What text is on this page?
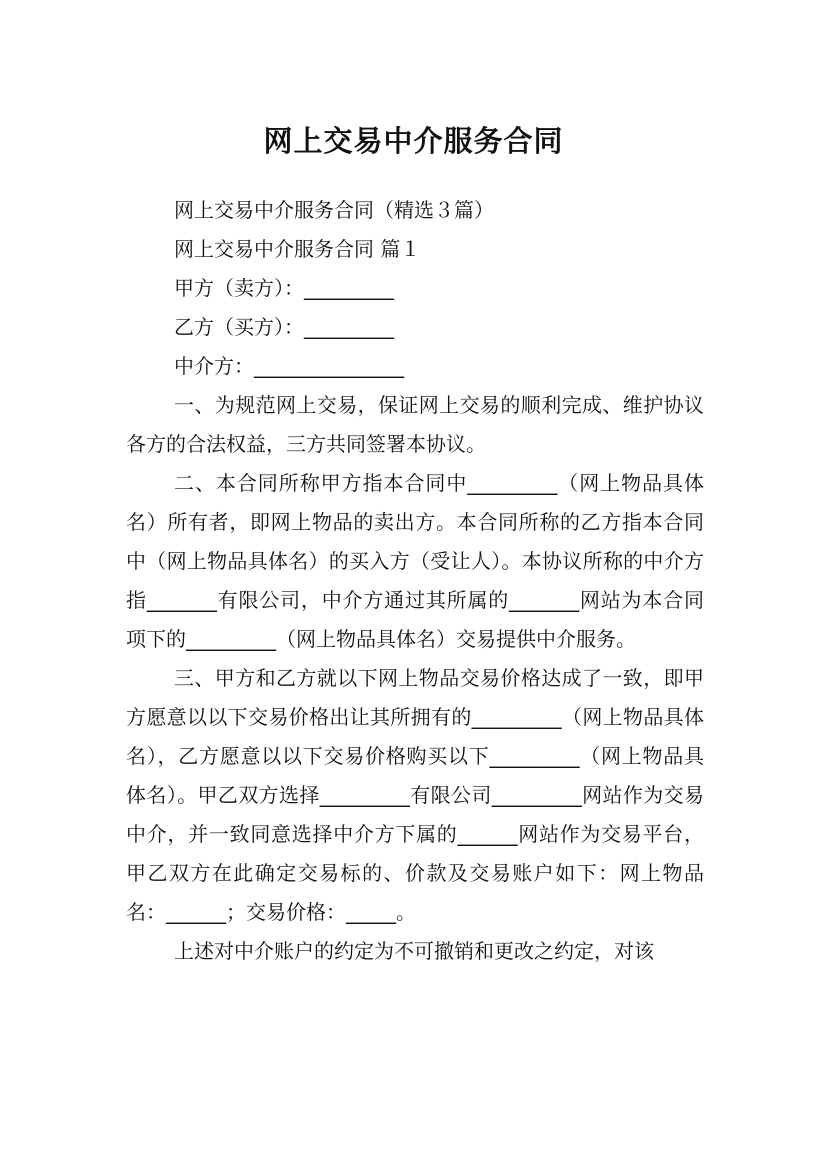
网上交易中介服务合同

网上交易中介服务合同（精选３篇）

网上交易中介服务合同 篇１

甲方（卖方）：_________

乙方（买方）：_________

中介方：_______________

一、为规范网上交易，保证网上交易的顺利完成、维护协议各方的合法权益，三方共同签署本协议。

二、本合同所称甲方指本合同中_________（网上物品具体名）所有者，即网上物品的卖出方。本合同所称的乙方指本合同中（网上物品具体名）的买入方（受让人）。本协议所称的中介方指_______有限公司，中介方通过其所属的_______网站为本合同项下的_________（网上物品具体名）交易提供中介服务。

三、甲方和乙方就以下网上物品交易价格达成了一致，即甲方愿意以以下交易价格出让其所拥有的_________（网上物品具体名），乙方愿意以以下交易价格购买以下_________（网上物品具体名）。甲乙双方选择_________有限公司_________网站作为交易中介，并一致同意选择中介方下属的______网站作为交易平台，甲乙双方在此确定交易标的、价款及交易账户如下：网上物品名：______；交易价格：_____。

上述对中介账户的约定为不可撤销和更改之约定，对该
